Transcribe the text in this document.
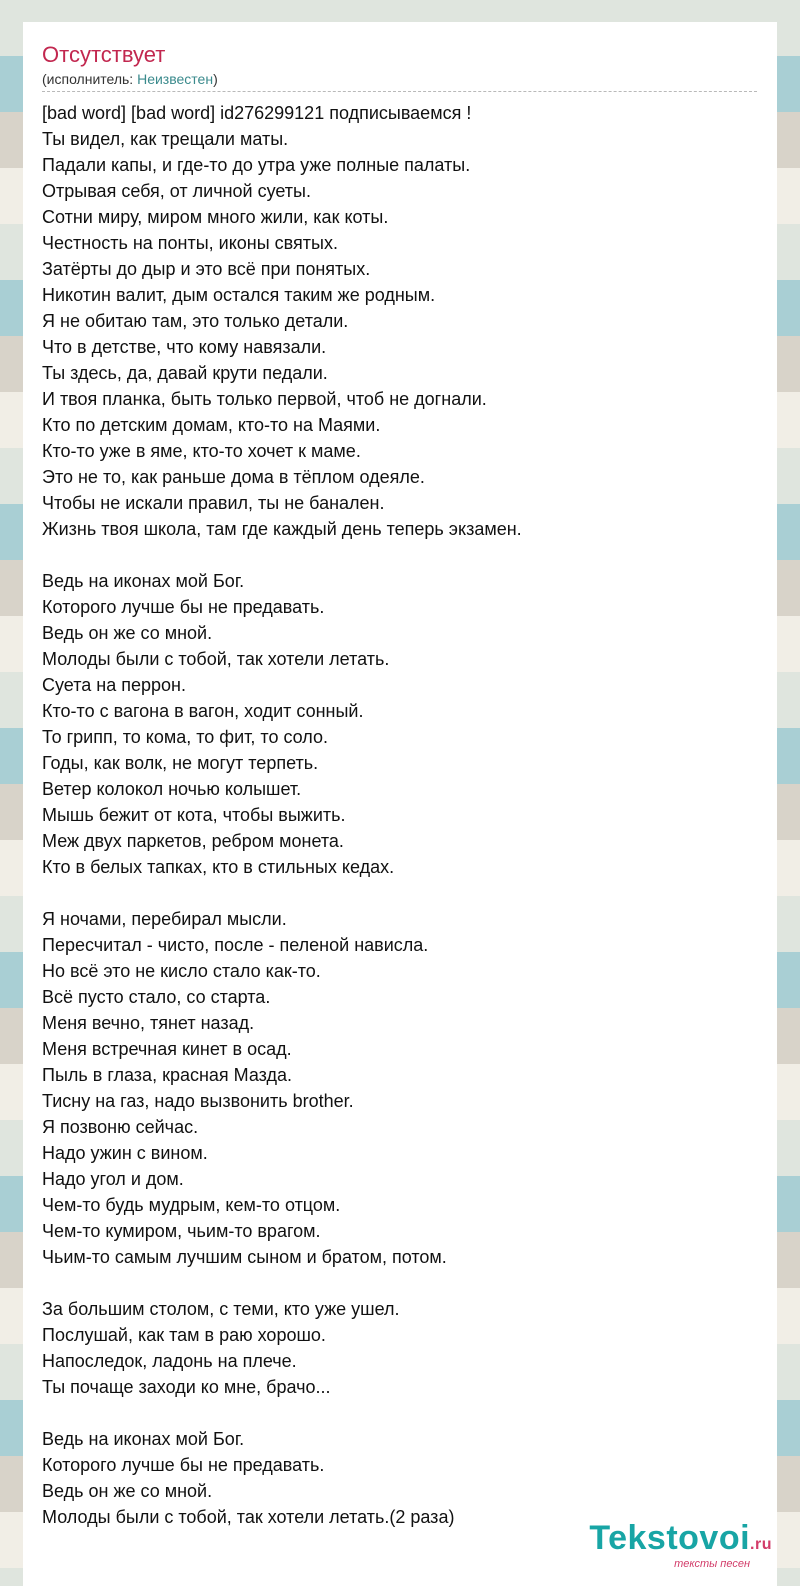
Отсутствует
(исполнитель: Неизвестен)
[bad word] [bad word] id276299121 подписываемся !
Ты видел, как трещали маты.
Падали капы, и где-то до утра уже полные палаты.
Отрывая себя, от личной суеты.
Сотни миру, миром много жили, как коты.
Честность на понты, иконы святых.
Затёрты до дыр и это всё при понятых.
Никотин валит, дым остался таким же родным.
Я не обитаю там, это только детали.
Что в детстве, что кому навязали.
Ты здесь, да, давай крути педали.
И твоя планка, быть только первой, чтоб не догнали.
Кто по детским домам, кто-то на Маями.
Кто-то уже в яме, кто-то хочет к маме.
Это не то, как раньше дома в тёплом одеяле.
Чтобы не искали правил, ты не банален.
Жизнь твоя школа, там где каждый день теперь экзамен.
Ведь на иконах мой Бог.
Которого лучше бы не предавать.
Ведь он же со мной.
Молоды были с тобой, так хотели летать.
Суета на перрон.
Кто-то с вагона в вагон, ходит сонный.
То грипп, то кома, то фит, то соло.
Годы, как волк, не могут терпеть.
Ветер колокол ночью колышет.
Мышь бежит от кота, чтобы выжить.
Меж двух паркетов, ребром монета.
Кто в белых тапках, кто в стильных кедах.
Я ночами, перебирал мысли.
Пересчитал - чисто, после - пеленой нависла.
Но всё это не кисло стало как-то.
Всё пусто стало, со старта.
Меня вечно, тянет назад.
Меня встречная кинет в осад.
Пыль в глаза, красная Мазда.
Тисну на газ, надо вызвонить brother.
Я позвоню сейчас.
Надо ужин с вином.
Надо угол и дом.
Чем-то будь мудрым, кем-то отцом.
Чем-то кумиром, чьим-то врагом.
Чьим-то самым лучшим сыном и братом, потом.
За большим столом, с теми, кто уже ушел.
Послушай, как там в раю хорошо.
Напоследок, ладонь на плече.
Ты почаще заходи ко мне, брачо...
Ведь на иконах мой Бог.
Которого лучше бы не предавать.
Ведь он же со мной.
Молоды были с тобой, так хотели летать.(2 раза)
Tekstovoi.ru
тексты песен
